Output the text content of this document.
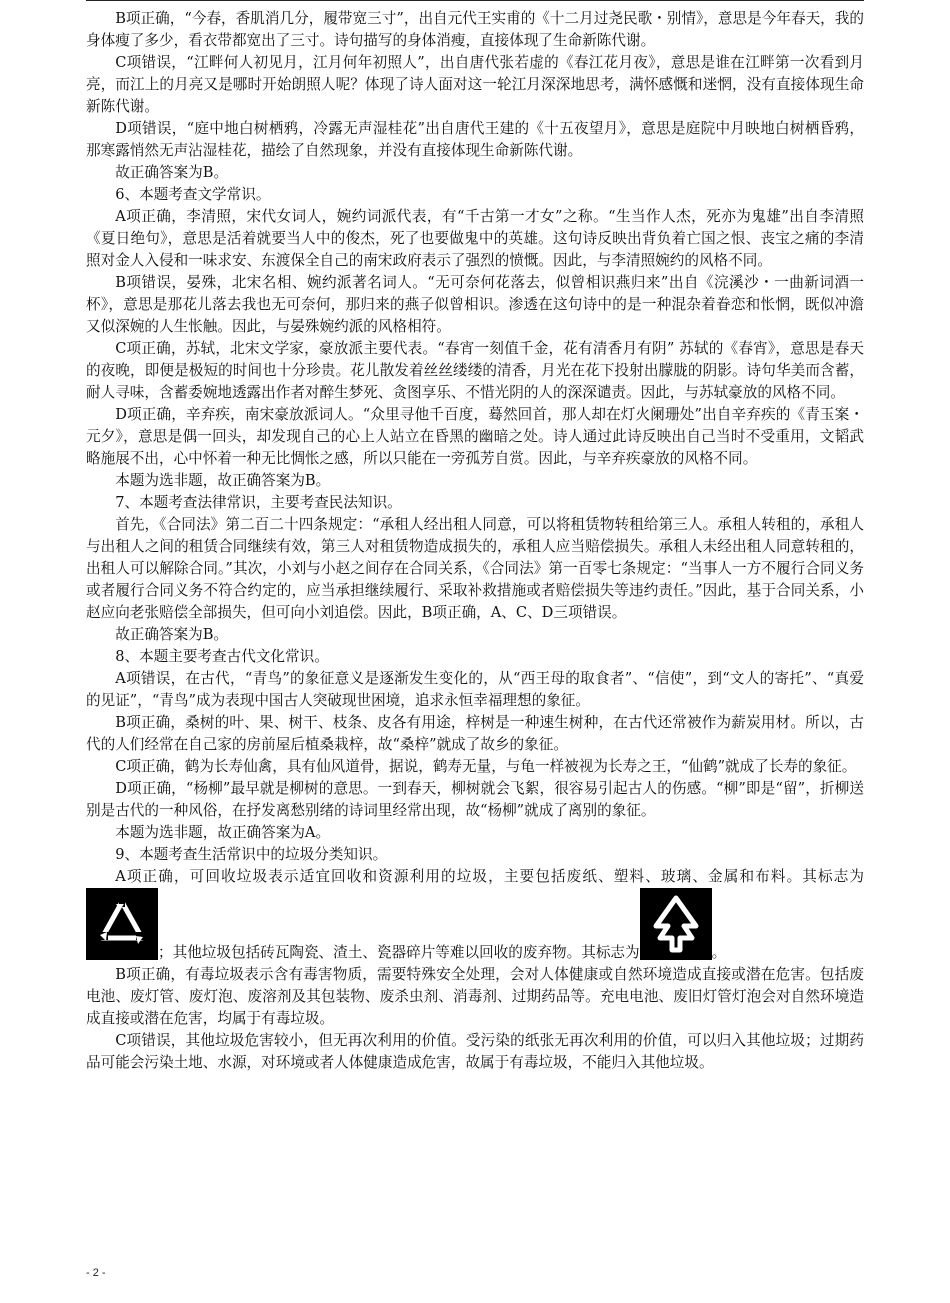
B项正确，“今春，香肌消几分，履带宽三寸”，出自元代王实甫的《十二月过尧民歌・别情》，意思是今年春天，我的身体瘦了多少，看衣带都宽出了三寸。诗句描写的身体消瘦，直接体现了生命新陈代谢。

C项错误，“江畔何人初见月，江月何年初照人”，出自唐代张若虚的《春江花月夜》，意思是谁在江畔第一次看到月亮，而江上的月亮又是哪时开始朗照人呢？体现了诗人面对这一轮江月深深地思考，满怀感慨和迷惘，没有直接体现生命新陈代谢。

D项错误，“庭中地白树栖鸦，冷露无声湿桂花”出自唐代王建的《十五夜望月》，意思是庭院中月映地白树栖昏鸦，那寒露悄然无声沾湿桂花，描绘了自然现象，并没有直接体现生命新陈代谢。

故正确答案为B。

6、本题考查文学常识。

A项正确，李清照，宋代女词人，婉约词派代表，有“千古第一才女”之称。“生当作人杰，死亦为鬼雄”出自李清照《夏日绝句》，意思是活着就要当人中的俊杰，死了也要做鬼中的英雄。这句诗反映出背负着亡国之恨、丧宝之痛的李清照对金人入侵和一味求安、东渡保全自己的南宋政府表示了强烈的愤慨。因此，与李清照婉约的风格不同。

B项错误，晏殊，北宋名相、婉约派著名词人。“无可奈何花落去，似曾相识燕归来”出自《浣溪沙・一曲新词酒一杯》，意思是那花儿落去我也无可奈何，那归来的燕子似曾相识。渗透在这句诗中的是一种混杂着眷恋和怅惘，既似冲澹又似深婉的人生怅触。因此，与晏殊婉约派的风格相符。

C项正确，苏轼，北宋文学家，豪放派主要代表。“春宵一刻值千金，花有清香月有阴” 苏轼的《春宵》，意思是春天的夜晚，即便是极短的时间也十分珍贵。花儿散发着丝丝缕缕的清香，月光在花下投射出朦胧的阴影。诗句华美而含蓄，耐人寻味，含蓄委婉地透露出作者对醉生梦死、贪图享乐、不惜光阴的人的深深谴责。因此，与苏轼豪放的风格不同。

D项正确，辛弃疾，南宋豪放派词人。“众里寻他千百度，蓦然回首，那人却在灯火阑珊处”出自辛弃疾的《青玉案・元夕》，意思是偶一回头，却发现自己的心上人站立在昏黑的幽暗之处。诗人通过此诗反映出自己当时不受重用，文韬武略施展不出，心中怀着一种无比惆怅之感，所以只能在一旁孤芳自赏。因此，与辛弃疾豪放的风格不同。

本题为选非题，故正确答案为B。

7、本题考查法律常识，主要考查民法知识。

首先，《合同法》第二百二十四条规定：“承租人经出租人同意，可以将租赁物转租给第三人。承租人转租的，承租人与出租人之间的租赁合同继续有效，第三人对租赁物造成损失的，承租人应当赔偿损失。承租人未经出租人同意转租的，出租人可以解除合同。”其次，小刘与小赵之间存在合同关系，《合同法》第一百零七条规定：“当事人一方不履行合同义务或者履行合同义务不符合约定的，应当承担继续履行、采取补救措施或者赔偿损失等违约责任。”因此，基于合同关系，小赵应向老张赔偿全部损失，但可向小刘追偿。因此，B项正确，A、C、D三项错误。

故正确答案为B。

8、本题主要考查古代文化常识。

A项错误，在古代，“青鸟”的象征意义是逐渐发生变化的，从“西王母的取食者”、“信使”，到“文人的寄托”、“真爱的见证”，“青鸟”成为表现中国古人突破现世困境，追求永恒幸福理想的象征。

B项正确，桑树的叶、果、树干、枝条、皮各有用途，梓树是一种速生树种，在古代还常被作为薪炭用材。所以，古代的人们经常在自己家的房前屋后植桑栽梓，故“桑梓”就成了故乡的象征。

C项正确，鹤为长寿仙禽，具有仙风道骨，据说，鹤寿无量，与龟一样被视为长寿之王，“仙鹤”就成了长寿的象征。

D项正确，“杨柳”最早就是柳树的意思。一到春天，柳树就会飞絮，很容易引起古人的伤感。“柳”即是“留”，折柳送别是古代的一种风俗，在抒发离愁别绪的诗词里经常出现，故“杨柳”就成了离别的象征。

本题为选非题，故正确答案为A。

9、本题考查生活常识中的垃圾分类知识。

A项正确，可回收垃圾表示适宜回收和资源利用的垃圾，主要包括废纸、塑料、玻璃、金属和布料。其标志为
；其他垃圾包括砖瓦陶瓷、渣土、瓷器碎片等难以回收的废弃物。其标志为	。

B项正确，有毒垃圾表示含有毒害物质，需要特殊安全处理，会对人体健康或自然环境造成直接或潜在危害。包括废电池、废灯管、废灯泡、废溶剂及其包装物、废杀虫剂、消毒剂、过期药品等。充电电池、废旧灯管灯泡会对自然环境造成直接或潜在危害，均属于有毒垃圾。

C项错误，其他垃圾危害较小，但无再次利用的价值。受污染的纸张无再次利用的价值，可以归入其他垃圾；过期药品可能会污染土地、水源，对环境或者人体健康造成危害，故属于有毒垃圾，不能归入其他垃圾。

- 2 -
